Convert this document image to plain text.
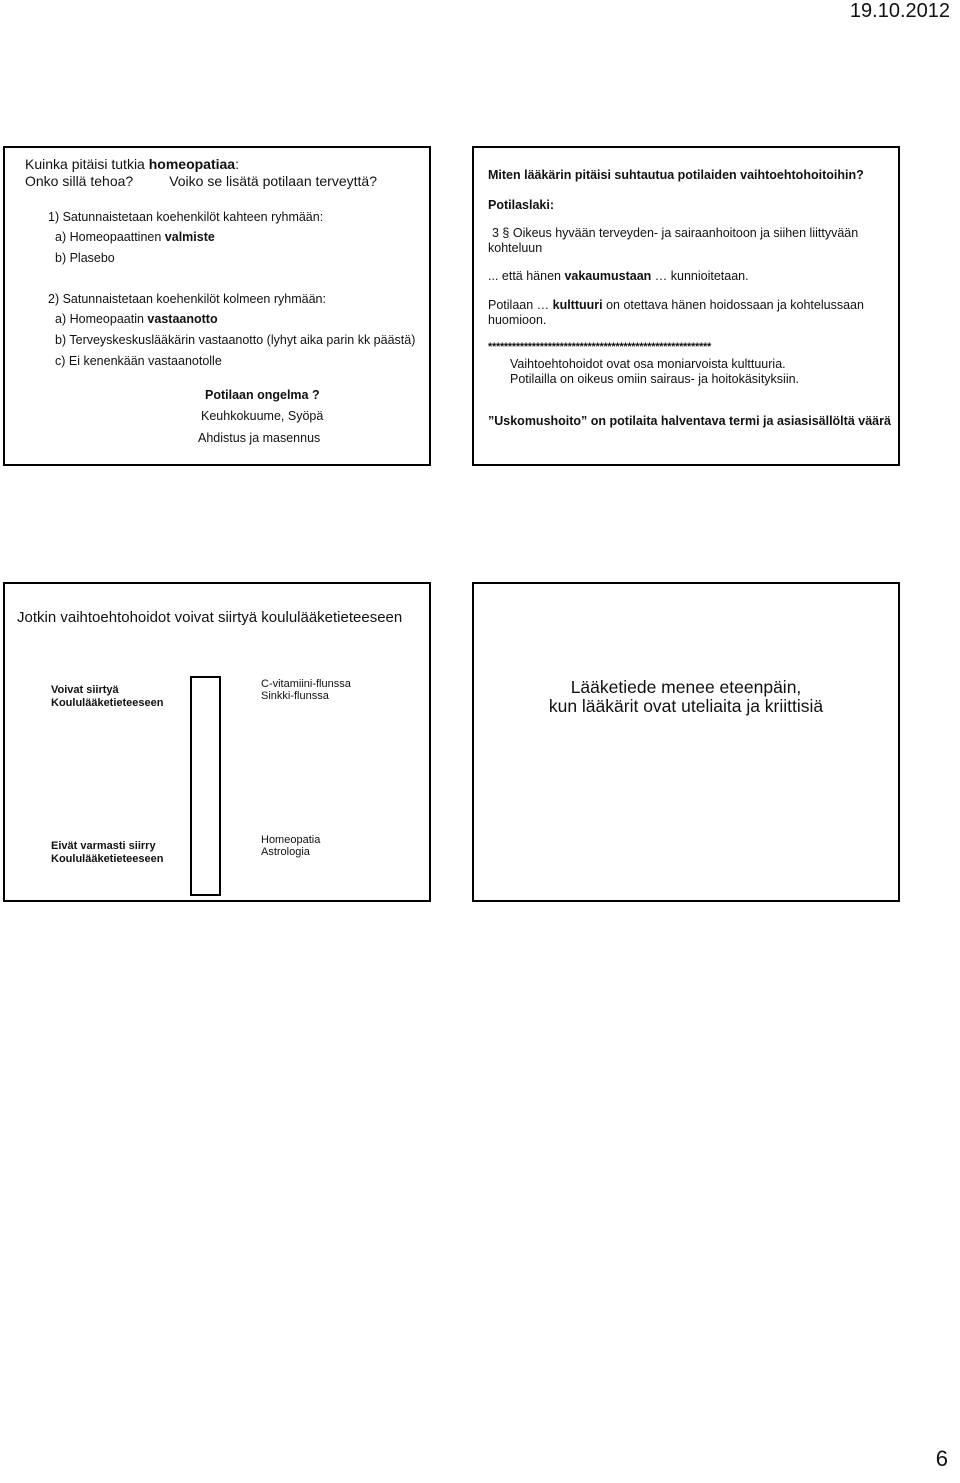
19.10.2012
Kuinka pitäisi tutkia homeopatiaa:
Onko sillä tehoa?	Voiko se lisätä potilaan terveyttä?
1) Satunnaistetaan koehenkilöt kahteen ryhmään:
a) Homeopaattinen valmiste
b) Plasebo
2) Satunnaistetaan koehenkilöt kolmeen ryhmään:
a) Homeopaatin vastaanotto
b) Terveyskeskuslääkärin vastaanotto (lyhyt aika parin kk päästä)
c) Ei kenenkään vastaanotolle
Potilaan ongelma ?
Keuhkokuume, Syöpä
Ahdistus ja masennus
Miten lääkärin pitäisi suhtautua potilaiden vaihtoehtohoitoihin?
Potilaslaki:
3 § Oikeus hyvään terveyden- ja sairaanhoitoon ja siihen liittyvään
kohteluun
... että hänen vakaumustaan … kunnioitetaan.
Potilaan … kulttuuri on otettava hänen hoidossaan ja kohtelussaan
huomioon.
********************************************************
Vaihtoehtohoidot ovat osa moniarvoista kulttuuria.
Potilailla on oikeus omiin sairaus- ja hoitokäsityksiin.
”Uskomushoito” on potilaita halventava termi ja asiasisällöltä väärä
Jotkin vaihtoehtohoidot voivat siirtyä koululääketieteeseen
Voivat siirtyä
Koululääketieteeseen
C-vitamiini-flunssa
Sinkki-flunssa
Eivät varmasti siirry
Koululääketieteeseen
Homeopatia
Astrologia
Lääketiede menee eteenpäin,
kun lääkärit ovat uteliaita ja kriittisiä
6
